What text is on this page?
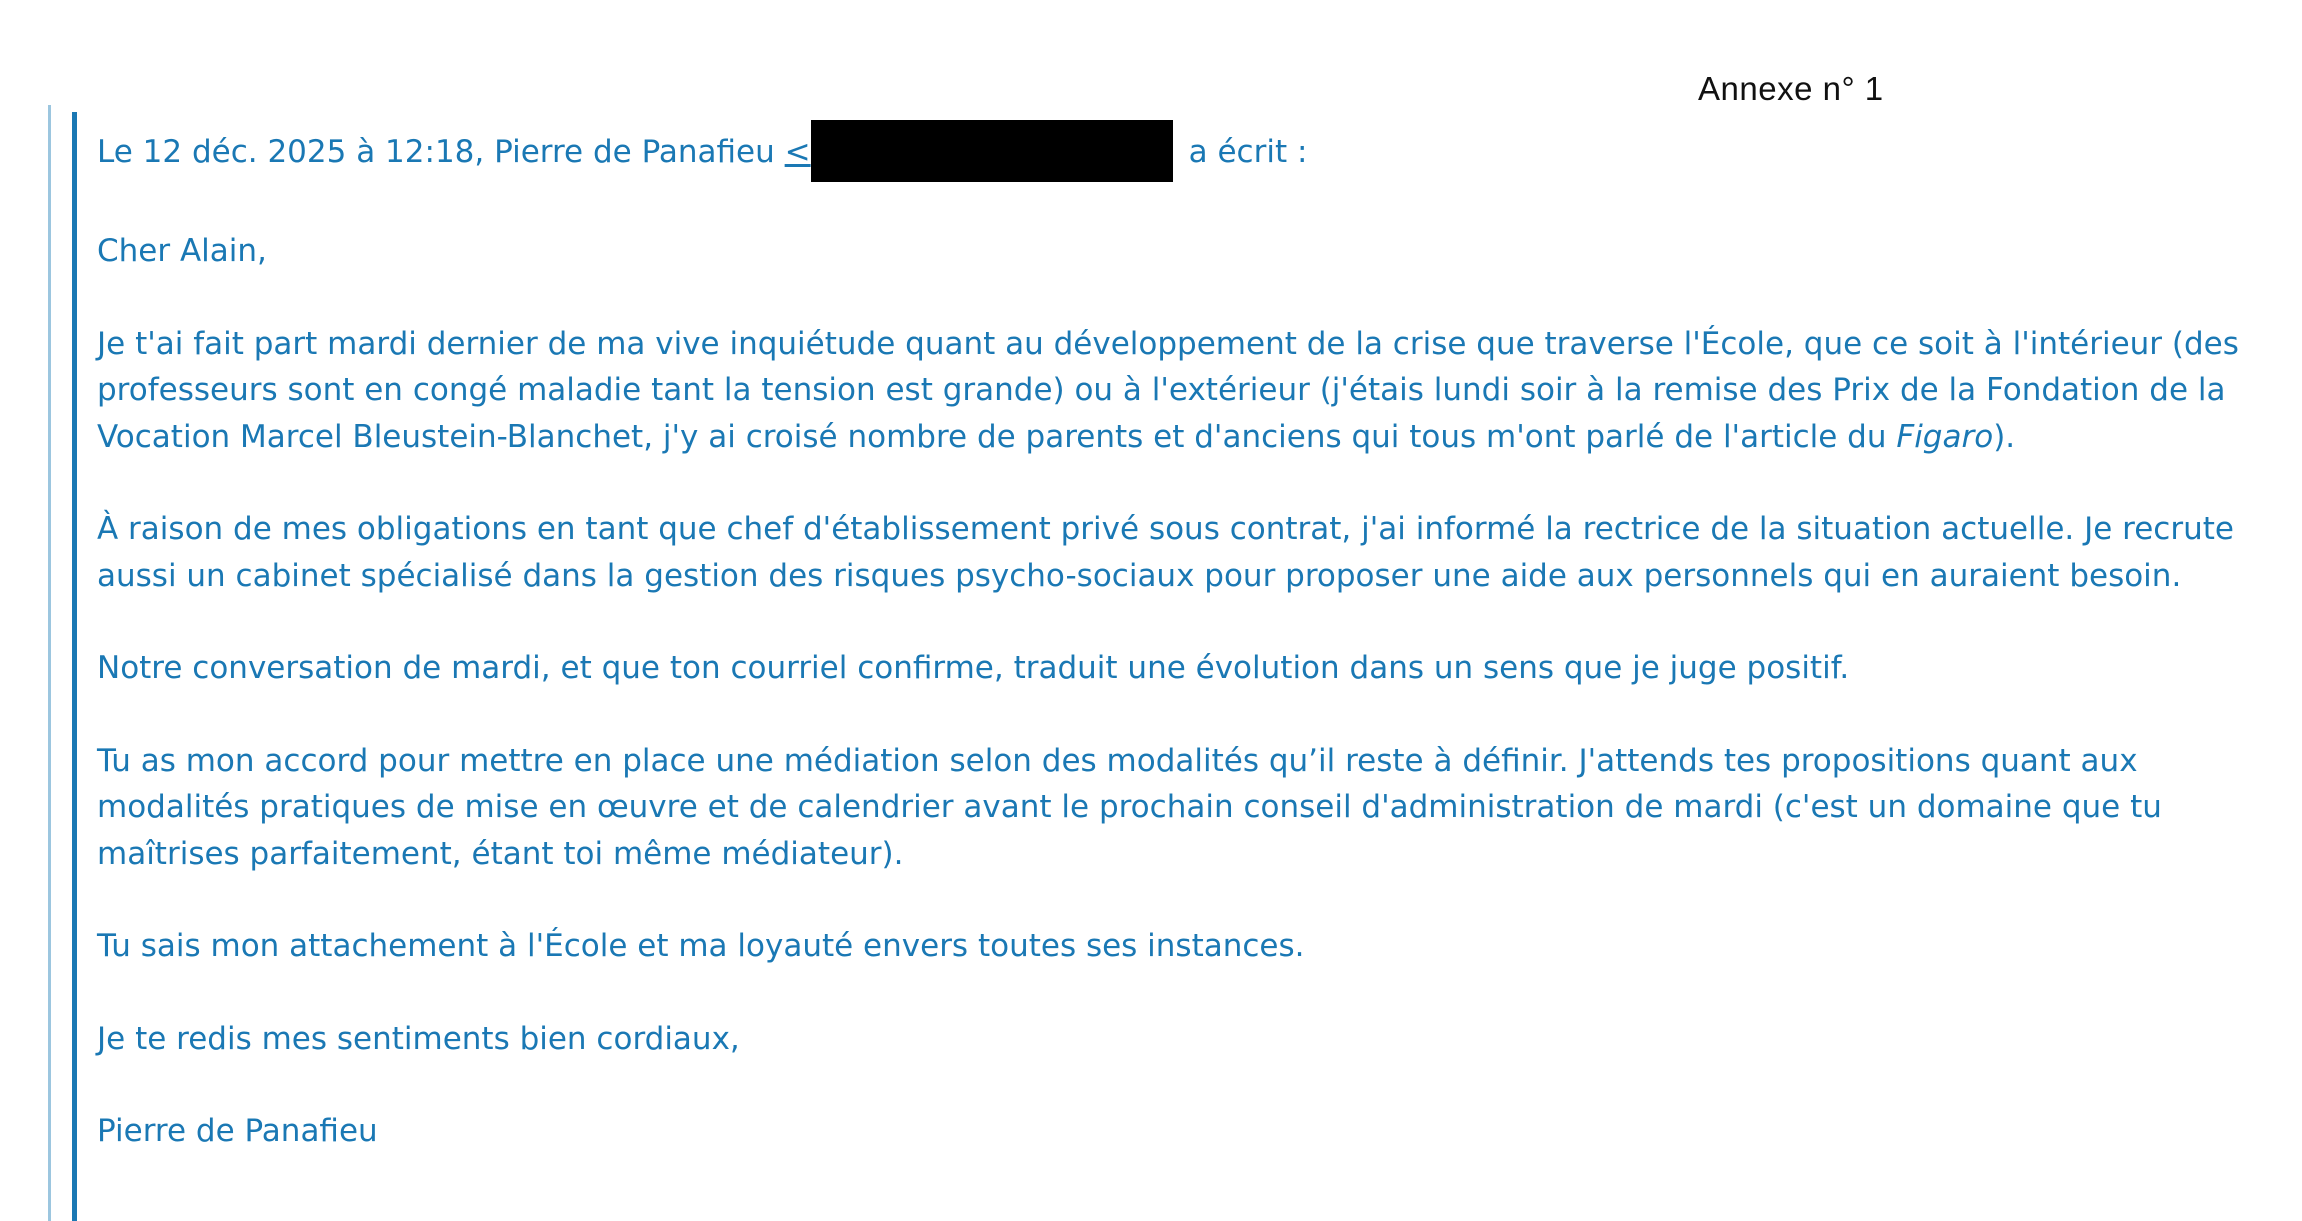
Annexe n° 1

Le 12 déc. 2025 à 12:18, Pierre de Panafieu <	a écrit :

Cher Alain,

Je t'ai fait part mardi dernier de ma vive inquiétude quant au développement de la crise que traverse l'École, que ce soit à l'intérieur (des professeurs sont en congé maladie tant la tension est grande) ou à l'extérieur (j'étais lundi soir à la remise des Prix de la Fondation de la Vocation Marcel Bleustein-Blanchet, j'y ai croisé nombre de parents et d'anciens qui tous m'ont parlé de l'article du Figaro).

À raison de mes obligations en tant que chef d'établissement privé sous contrat, j'ai informé la rectrice de la situation actuelle. Je recrute aussi un cabinet spécialisé dans la gestion des risques psycho-sociaux pour proposer une aide aux personnels qui en auraient besoin.

Notre conversation de mardi, et que ton courriel confirme, traduit une évolution dans un sens que je juge positif.

Tu as mon accord pour mettre en place une médiation selon des modalités qu’il reste à définir. J'attends tes propositions quant aux modalités pratiques de mise en œuvre et de calendrier avant le prochain conseil d'administration de mardi (c'est un domaine que tu maîtrises parfaitement, étant toi même médiateur).

Tu sais mon attachement à l'École et ma loyauté envers toutes ses instances.

Je te redis mes sentiments bien cordiaux,

Pierre de Panafieu
